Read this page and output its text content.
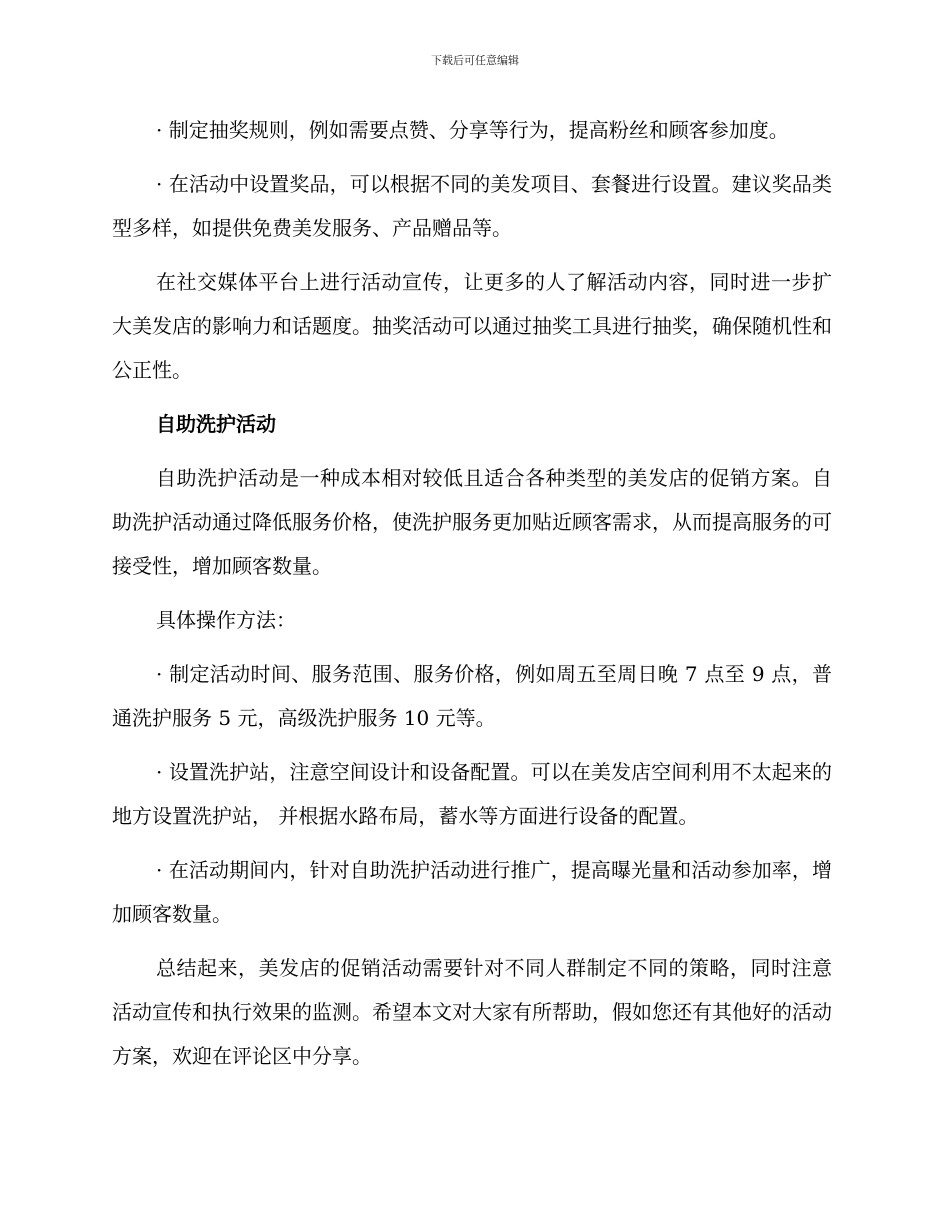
下载后可任意编辑

· 制定抽奖规则，例如需要点赞、分享等行为，提高粉丝和顾客参加度。

· 在活动中设置奖品，可以根据不同的美发项目、套餐进行设置。建议奖品类型多样，如提供免费美发服务、产品赠品等。

在社交媒体平台上进行活动宣传，让更多的人了解活动内容，同时进一步扩大美发店的影响力和话题度。抽奖活动可以通过抽奖工具进行抽奖，确保随机性和公正性。

自助洗护活动

自助洗护活动是一种成本相对较低且适合各种类型的美发店的促销方案。自助洗护活动通过降低服务价格，使洗护服务更加贴近顾客需求，从而提高服务的可接受性，增加顾客数量。

具体操作方法：

· 制定活动时间、服务范围、服务价格，例如周五至周日晚 7 点至 9 点，普通洗护服务 5 元，高级洗护服务 10 元等。

· 设置洗护站，注意空间设计和设备配置。可以在美发店空间利用不太起来的地方设置洗护站， 并根据水路布局，蓄水等方面进行设备的配置。

· 在活动期间内，针对自助洗护活动进行推广，提高曝光量和活动参加率，增加顾客数量。

总结起来，美发店的促销活动需要针对不同人群制定不同的策略，同时注意活动宣传和执行效果的监测。希望本文对大家有所帮助，假如您还有其他好的活动方案，欢迎在评论区中分享。
